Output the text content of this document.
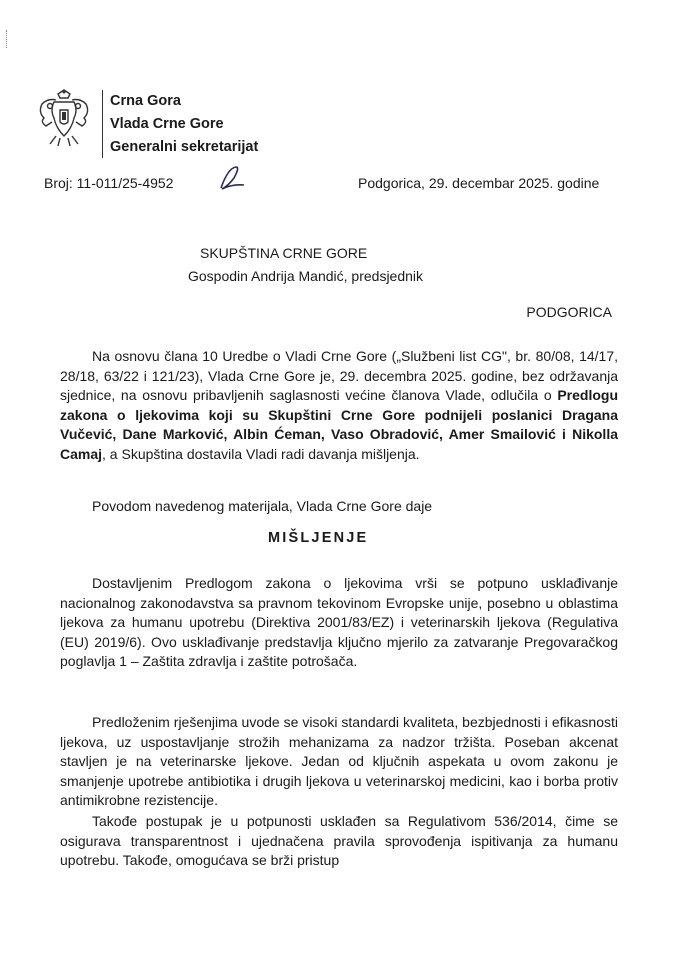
Crna Gora
Vlada Crne Gore
Generalni sekretarijat
Broj: 11-011/25-4952	Podgorica, 29. decembar 2025. godine
SKUPŠTINA CRNE GORE
Gospodin Andrija Mandić, predsjednik
PODGORICA
Na osnovu člana 10 Uredbe o Vladi Crne Gore („Službeni list CG", br. 80/08, 14/17, 28/18, 63/22 i 121/23), Vlada Crne Gore je, 29. decembra 2025. godine, bez održavanja sjednice, na osnovu pribavljenih saglasnosti većine članova Vlade, odlučila o Predlogu zakona o ljekovima koji su Skupštini Crne Gore podnijeli poslanici Dragana Vučević, Dane Marković, Albin Ćeman, Vaso Obradović, Amer Smailović i Nikolla Camaj, a Skupština dostavila Vladi radi davanja mišljenja.
Povodom navedenog materijala, Vlada Crne Gore daje
MIŠLJENJE
Dostavljenim Predlogom zakona o ljekovima vrši se potpuno usklađivanje nacionalnog zakonodavstva sa pravnom tekovinom Evropske unije, posebno u oblastima ljekova za humanu upotrebu (Direktiva 2001/83/EZ) i veterinarskih ljekova (Regulativa (EU) 2019/6). Ovo usklađivanje predstavlja ključno mjerilo za zatvaranje Pregovaračkog poglavlja 1 – Zaštita zdravlja i zaštite potrošača.
Predloženim rješenjima uvode se visoki standardi kvaliteta, bezbjednosti i efikasnosti ljekova, uz uspostavljanje strožih mehanizama za nadzor tržišta. Poseban akcenat stavljen je na veterinarske ljekove. Jedan od ključnih aspekata u ovom zakonu je smanjenje upotrebe antibiotika i drugih ljekova u veterinarskoj medicini, kao i borba protiv antimikrobne rezistencije.
Takođe postupak je u potpunosti usklađen sa Regulativom 536/2014, čime se osigurava transparentnost i ujednačena pravila sprovođenja ispitivanja za humanu upotrebu. Takođe, omogućava se brži pristup
